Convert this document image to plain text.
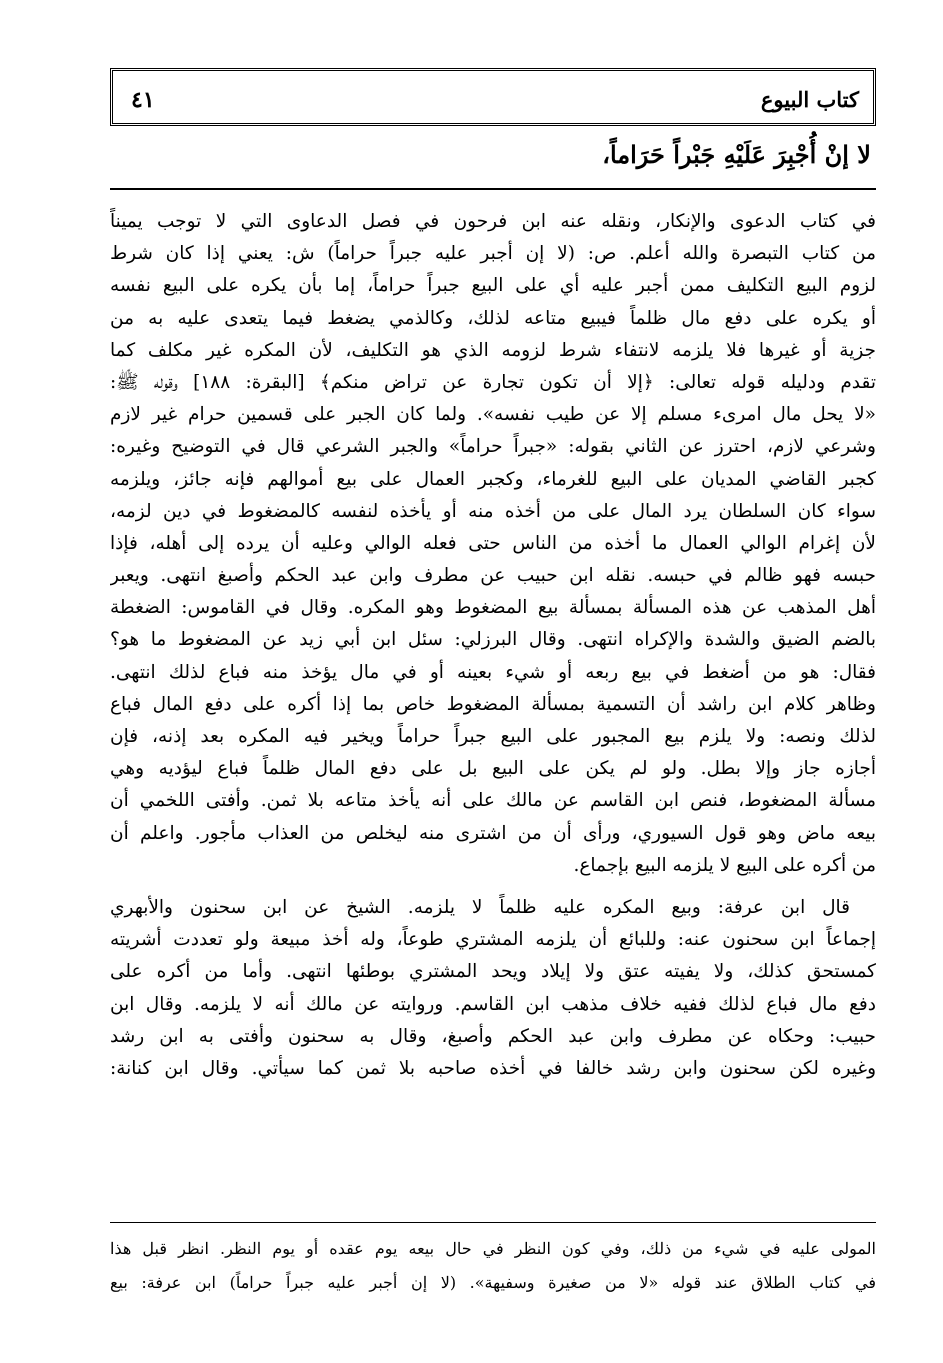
كتاب البيوع
٤١
لا إنْ أُجْبِرَ عَلَيْهِ جَبْراً حَرَاماً،
في كتاب الدعوى والإنكار، ونقله عنه ابن فرحون في فصل الدعاوى التي لا توجب يميناً
من كتاب التبصرة والله أعلم. ص: (لا إن أجبر عليه جبراً حراماً) ش: يعني إذا كان شرط
لزوم البيع التكليف ممن أجبر عليه أي على البيع جبراً حراماً، إما بأن يكره على البيع نفسه
أو يكره على دفع مال ظلماً فيبيع متاعه لذلك، وكالذمي يضغط فيما يتعدى عليه به من
جزية أو غيرها فلا يلزمه لانتفاء شرط لزومه الذي هو التكليف، لأن المكره غير مكلف كما
تقدم ودليله قوله تعالى: ﴿إلا أن تكون تجارة عن تراض منكم﴾ [البقرة: ١٨٨] وقوله ﷺ:
«لا يحل مال امرىء مسلم إلا عن طيب نفسه». ولما كان الجبر على قسمين حرام غير لازم
وشرعي لازم، احترز عن الثاني بقوله: «جبراً حراماً» والجبر الشرعي قال في التوضيح وغيره:
كجبر القاضي المديان على البيع للغرماء، وكجبر العمال على بيع أموالهم فإنه جائز، ويلزمه
سواء كان السلطان يرد المال على من أخذه منه أو يأخذه لنفسه كالمضغوط في دين لزمه،
لأن إغرام الوالي العمال ما أخذه من الناس حتى فعله الوالي وعليه أن يرده إلى أهله، فإذا
حبسه فهو ظالم في حبسه. نقله ابن حبيب عن مطرف وابن عبد الحكم وأصبغ انتهى. ويعبر
أهل المذهب عن هذه المسألة بمسألة بيع المضغوط وهو المكره. وقال في القاموس: الضغطة
بالضم الضيق والشدة والإكراه انتهى. وقال البرزلي: سئل ابن أبي زيد عن المضغوط ما هو؟
فقال: هو من أضغط في بيع ربعه أو شيء بعينه أو في مال يؤخذ منه فباع لذلك انتهى.
وظاهر كلام ابن راشد أن التسمية بمسألة المضغوط خاص بما إذا أكره على دفع المال فباع
لذلك ونصه: ولا يلزم بيع المجبور على البيع جبراً حراماً ويخير فيه المكره بعد إذنه، فإن
أجازه جاز وإلا بطل. ولو لم يكن على البيع بل على دفع المال ظلماً فباع ليؤديه وهي
مسألة المضغوط، فنص ابن القاسم عن مالك على أنه يأخذ متاعه بلا ثمن. وأفتى اللخمي أن
بيعه ماض وهو قول السيوري، ورأى أن من اشترى منه ليخلص من العذاب مأجور. واعلم أن
من أكره على البيع لا يلزمه البيع بإجماع.
قال ابن عرفة: وبيع المكره عليه ظلماً لا يلزمه. الشيخ عن ابن سحنون والأبهري
إجماعاً ابن سحنون عنه: وللبائع أن يلزمه المشتري طوعاً، وله أخذ مبيعة ولو تعددت أشريته
كمستحق كذلك، ولا يفيته عتق ولا إيلاد ويحد المشتري بوطئها انتهى. وأما من أكره على
دفع مال فباع لذلك ففيه خلاف مذهب ابن القاسم. وروايته عن مالك أنه لا يلزمه. وقال ابن
حبيب: وحكاه عن مطرف وابن عبد الحكم وأصبغ، وقال به سحنون وأفتى به ابن رشد
وغيره لكن سحنون وابن رشد خالفا في أخذه صاحبه بلا ثمن كما سيأتي. وقال ابن كنانة:
المولى عليه في شيء من ذلك، وفي كون النظر في حال بيعه يوم عقده أو يوم النظر. انظر قبل هذا
في كتاب الطلاق عند قوله «لا من صغيرة وسفيهة». (لا إن أجبر عليه جبراً حراماً) ابن عرفة: بيع
